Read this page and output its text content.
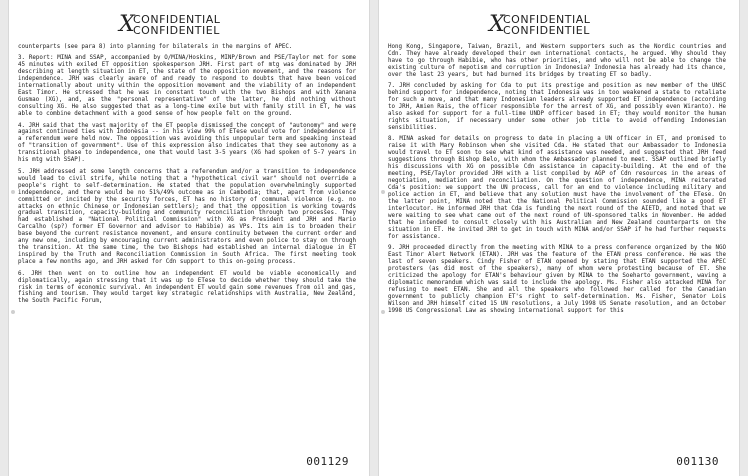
X
CONFIDENTIAL
CONFIDENTIEL

counterparts (see para 8) into planning for bilaterals in the margins of APEC.

3. Report: MINA and SSAP, accompanied by O/MINA/Hoskins, MINP/Brown and PSE/Taylor met for some 45 minutes with exiled ET opposition spokesperson JRH. First part of mtg was dominated by JRH describing at length situation in ET, the state of the opposition movement, and the reasons for independence. JRH was clearly aware of and ready to respond to doubts that have been voiced internationally about unity within the opposition movement and the viability of an independent East Timor. He stressed that he was in constant touch with the two Bishops and with Xanana Gusmao (XG), and, as the "personal representative" of the latter, he did nothing without consulting XG. He also suggested that as a long-time exile but with family still in ET, he was able to combine detachment with a good sense of how people felt on the ground.

4. JRH said that the vast majority of the ET people dismissed the concept of "autonomy" and were against continued ties with Indonesia -- in his view 99% of ETese would vote for independence if a referendum were held now. The opposition was avoiding this unpopular term and speaking instead of "transition of government". Use of this expression also indicates that they see autonomy as a transitional phase to independence, one that would last 3-5 years (XG had spoken of 5-7 years in his mtg with SSAP).

5. JRH addressed at some length concerns that a referendum and/or a transition to independence would lead to civil strife, while noting that a "hypothetical civil war" should not override a people's right to self-determination. He stated that the population overwhelmingly supported independence, and there would be no 51%/49% outcome as in Cambodia; that, apart from violence committed or incited by the security forces, ET has no history of communal violence (e.g. no attacks on ethnic Chinese or Indonesian settlers); and that the opposition is working towards gradual transition, capacity-building and community reconciliation through two processes. They had established a "National Political Commission" with XG as President and JRH and Mario Carcalho (sp?) former ET Governor and advisor to Habibie) as VPs. Its aim is to broaden their base beyond the current resistance movement, and ensure continuity between the current order and any new one, including by encouraging current administrators and even police to stay on through the transition. At the same time, the two Bishops had established an internal dialogue in ET inspired by the Truth and Reconciliation Commission in South Africa. The first meeting took place a few months ago, and JRH asked for Cdn support to this on-going process.

6. JRH then went on to outline how an independent ET would be viable economically and diplomatically, again stressing that it was up to ETese to decide whether they should take the risk in terms of economic survival. An independent ET would gain some revenues from oil and gas, fishing and tourism. They would target key strategic relationships with Australia, New Zealand, the South Pacific Forum,

001129
X
CONFIDENTIAL
CONFIDENTIEL

Hong Kong, Singapore, Taiwan, Brazil, and Western supporters such as the Nordic countries and Cdn. They have already developed their own international contacts, he argued. Why should they have to go through Habibie, who has other priorities, and who will not be able to change the existing culture of nepotism and corruption in Indonesia? Indonesia has already had its chance, over the last 23 years, but had burned its bridges by treating ET so badly.

7. JRH concluded by asking for Cda to put its prestige and position as new member of the UNSC behind support for independence, noting that Indonesia was in too weakened a state to retaliate for such a move, and that many Indonesian leaders already supported ET independence (according to JRH, Amien Rais, the officer responsible for the arrest of XG, and possibly even Wiranto). He also asked for support for a full-time UNDP officer based in ET; they would monitor the human rights situation, if necessary under some other job title to avoid offending Indonesian sensibilities.

8. MINA asked for details on progress to date in placing a UN officer in ET, and promised to raise it with Mary Robinson when she visited Cda. He stated that our Ambassador to Indonesia would travel to ET soon to see what kind of assistance was needed, and suggested that JRH feed suggestions through Bishop Belo, with whom the Ambassador planned to meet. SSAP outlined briefly his discussions with XG on possible Cdn assistance in capacity-building. At the end of the meeting, PSE/Taylor provided JRH with a list compiled by AGP of Cdn resources in the areas of negotiation, mediation and reconciliation. On the question of independence, MINA reiterated Cda's position: we support the UN process, call for an end to violence including military and police action in ET, and believe that any solution must have the involvement of the ETese. On the latter point, MINA noted that the National Political Commission sounded like a good ET interlocutor. He informed JRH that Cda is funding the next round of the AIETD, and noted that we were waiting to see what came out of the next round of UN-sponsored talks in November. He added that he intended to consult closely with his Australian and New Zealand counterparts on the situation in ET. He invited JRH to get in touch with MINA and/or SSAP if he had further requests for assistance.

9. JRH proceeded directly from the meeting with MINA to a press conference organized by the NGO East Timor Alert Network (ETAN). JRH was the feature of the ETAN press conference. He was the last of seven speakers. Cindy Fisher of ETAN opened by stating that ETAN supported the APEC protesters (as did most of the speakers), many of whom were protesting because of ET. She criticized the apology for ETAN's behaviour given by MINA to the Soeharto government, waving a diplomatic memorandum which was said to include the apology. Ms. Fisher also attacked MINA for refusing to meet ETAN. She and all the speakers who followed her called for the Canadian government to publicly champion ET's right to self-determination. Ms. Fisher, Senator Lois Wilson and JRH himself cited 15 UN resolutions, a July 1998 US Senate resolution, and an October 1998 US Congressional Law as showing international support for this

001130
